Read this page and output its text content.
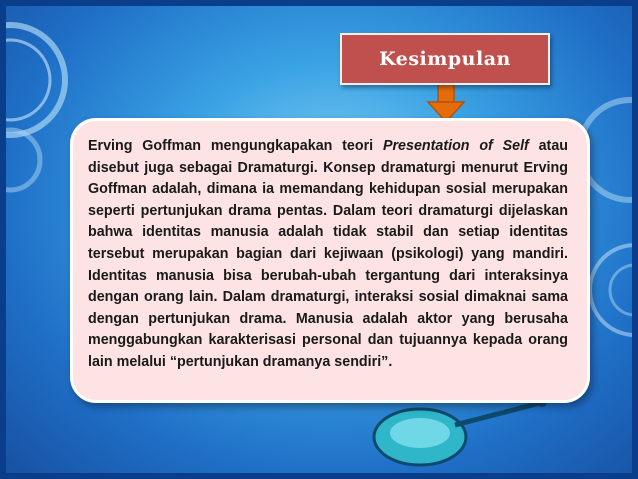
Kesimpulan
Erving Goffman mengungkapakan teori Presentation of Self atau disebut juga sebagai Dramaturgi. Konsep dramaturgi menurut Erving Goffman adalah, dimana ia memandang kehidupan sosial merupakan seperti pertunjukan drama pentas. Dalam teori dramaturgi dijelaskan bahwa identitas manusia adalah tidak stabil dan setiap identitas tersebut merupakan bagian dari kejiwaan (psikologi) yang mandiri. Identitas manusia bisa berubah-ubah tergantung dari interaksinya dengan orang lain. Dalam dramaturgi, interaksi sosial dimaknai sama dengan pertunjukan drama. Manusia adalah aktor yang berusaha menggabungkan karakterisasi personal dan tujuannya kepada orang lain melalui “pertunjukan dramanya sendiri”.
